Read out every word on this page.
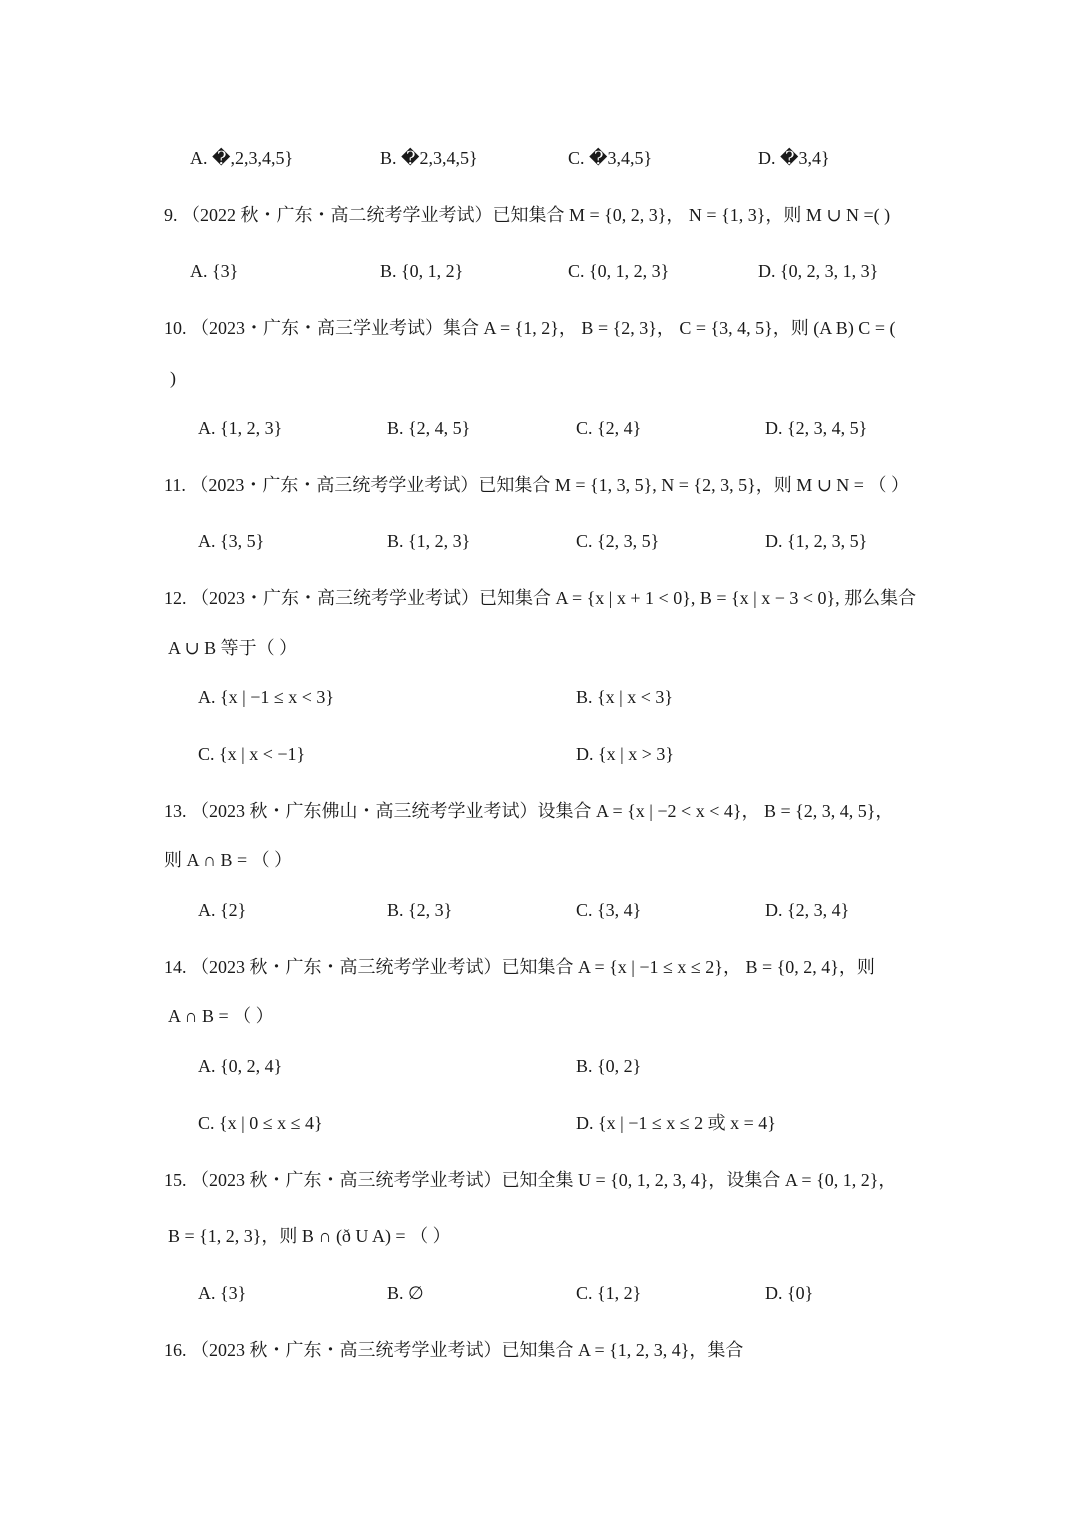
A. �,2,3,4,5}	B. �2,3,4,5}	C. �3,4,5}	D. �3,4}
9. （2022 秋・广东・高二统考学业考试）已知集合 M = {0, 2, 3}， N = {1, 3}，则 M ∪ N =( )
A. {3}	B. {0, 1, 2}	C. {0, 1, 2, 3}	D. {0, 2, 3, 1, 3}
10. （2023・广东・高三学业考试）集合 A = {1, 2}， B = {2, 3}， C = {3, 4, 5}，则 (A B) C = (
)
A. {1, 2, 3}	B. {2, 4, 5}	C. {2, 4}	D. {2, 3, 4, 5}
11. （2023・广东・高三统考学业考试）已知集合 M = {1, 3, 5}, N = {2, 3, 5}，则 M ∪ N = （ ）
A. {3, 5}	B. {1, 2, 3}	C. {2, 3, 5}	D. {1, 2, 3, 5}
12. （2023・广东・高三统考学业考试）已知集合 A = {x | x + 1 < 0}, B = {x | x − 3 < 0}, 那么集合
A ∪ B 等于（ ）
A. {x | −1 ≤ x < 3}	B. {x | x < 3}
C. {x | x < −1}	D. {x | x > 3}
13. （2023 秋・广东佛山・高三统考学业考试）设集合 A = {x | −2 < x < 4}， B = {2, 3, 4, 5}，
则 A ∩ B = （ ）
A. {2}	B. {2, 3}	C. {3, 4}	D. {2, 3, 4}
14. （2023 秋・广东・高三统考学业考试）已知集合 A = {x | −1 ≤ x ≤ 2}， B = {0, 2, 4}，则
A ∩ B = （ ）
A. {0, 2, 4}	B. {0, 2}
C. {x | 0 ≤ x ≤ 4}	D. {x | −1 ≤ x ≤ 2 或 x = 4}
15. （2023 秋・广东・高三统考学业考试）已知全集 U = {0, 1, 2, 3, 4}，设集合 A = {0, 1, 2}，
B = {1, 2, 3}，则 B ∩ (ð U A) = （ ）
A. {3}	B. ∅	C. {1, 2}	D. {0}
16. （2023 秋・广东・高三统考学业考试）已知集合 A = {1, 2, 3, 4}，集合
